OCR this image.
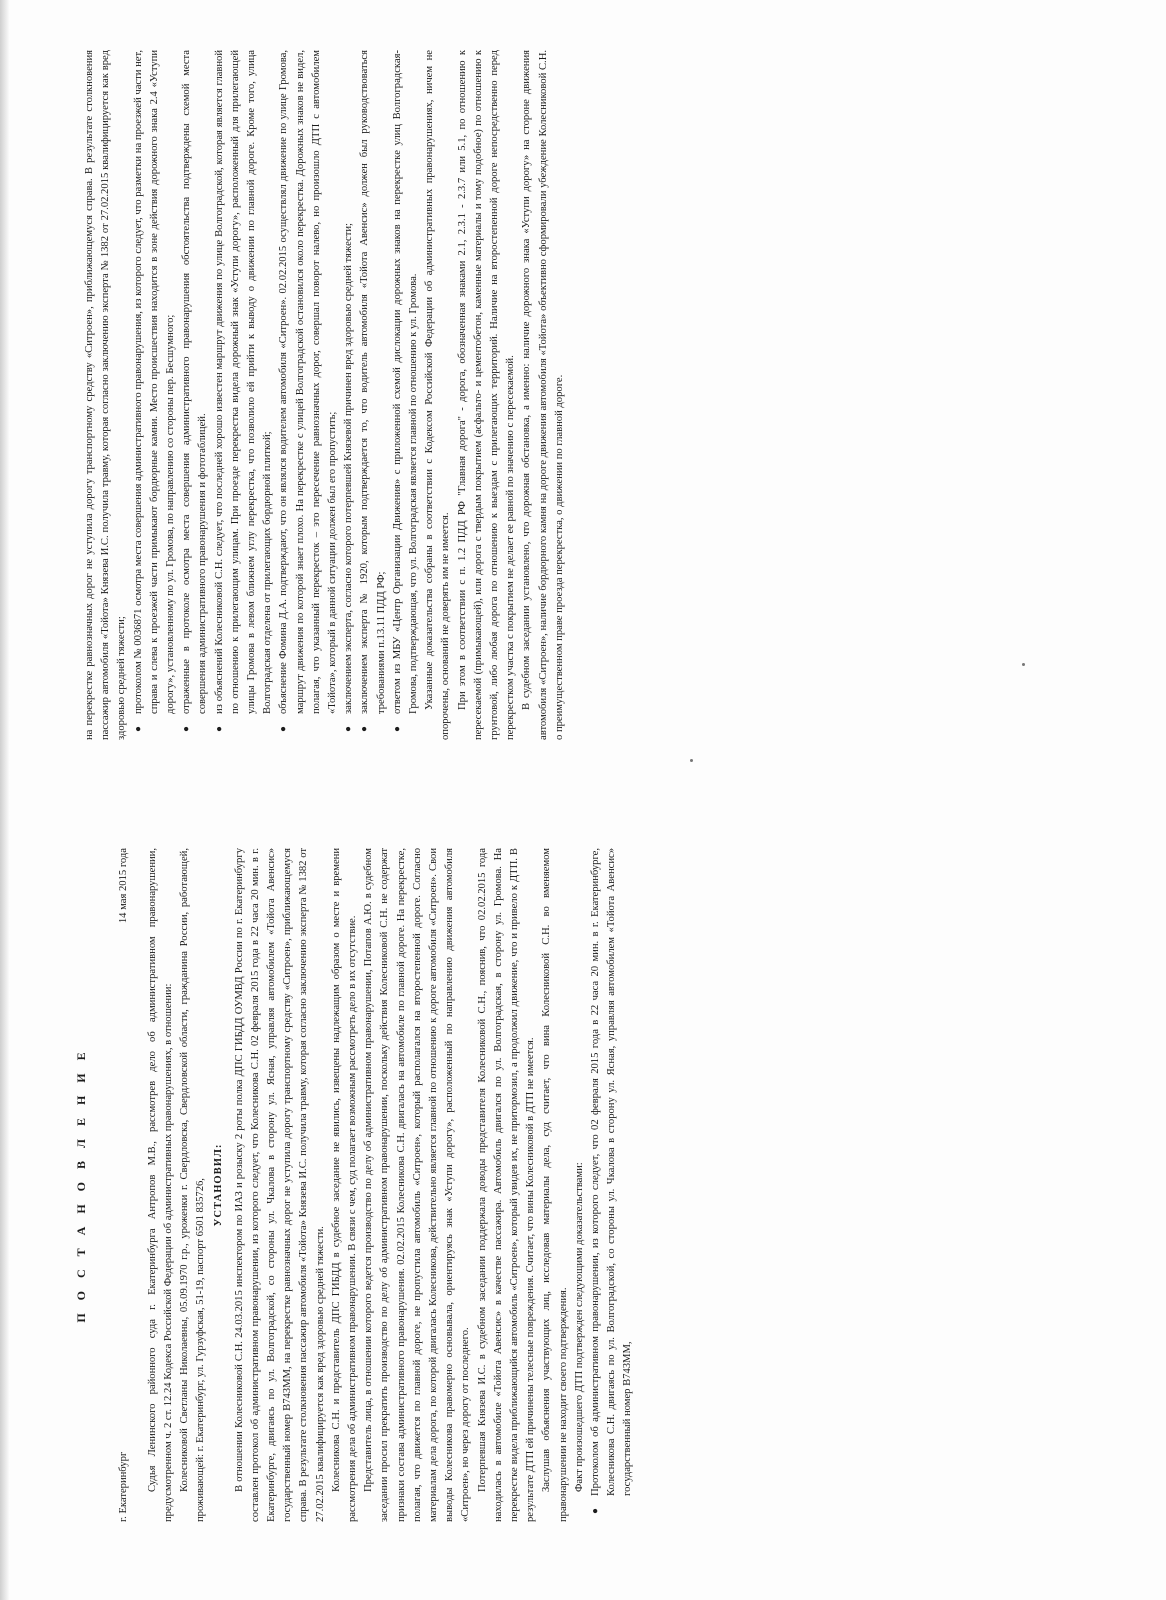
П О С Т А Н О В Л Е Н И Е
г. Екатеринбург
14 мая 2015 года	Судья Ленинского районного суда г. Екатеринбурга Антропов М.В., рассмотрев дело об административном правонарушении, предусмотренном ч. 2 ст. 12.24 Кодекса Российской Федерации об административных правонарушениях, в отношении: Колесниковой Светланы Николаевны, 05.09.1970 г.р., уроженки г. Свердловска, Свердловской области, гражданина России, работающей, проживающей: г. Екатеринбург, ул. Гурзуфская, 51-19, паспорт 6501 835726, УСТАНОВИЛ: В отношении Колесниковой С.Н. 24.03.2015 инспектором по ИАЗ и розыску 2 роты полка ДПС ГИБДД ОУМВД России по г. Екатеринбургу составлен протокол об административном правонарушении, из которого следует, что Колесникова С.Н. 02 февраля 2015 года в 22 часа 20 мин. в г. Екатеринбурге, двигаясь по ул. Волгоградской, со стороны ул. Чкалова в сторону ул. Ясная, управляя автомобилем «Тойота Авенсис» государственный номер В743ММ, на перекрестке равнозначных дорог не уступила дорогу транспортному средству «Ситроен», приближающемуся справа. В результате столкновения пассажир автомобиля «Тойота» Князева И.С. получила травму, которая согласно заключению эксперта № 1382 от 27.02.2015 квалифицируется как вред здоровью средней тяжести. Колесникова С.Н. и представитель ДПС ГИБДД в судебное заседание не явились, извещены надлежащим образом о месте и времени рассмотрения дела об административном правонарушении. В связи с чем, суд полагает возможным рассмотреть дело в их отсутствие. Представитель лица, в отношении которого ведется производство по делу об административном правонарушении, Потапов А.Ю. в судебном заседании просил прекратить производство по делу об административном правонарушении, поскольку действия Колесниковой С.Н. не содержат признаки состава административного правонарушения. 02.02.2015 Колесникова С.Н. двигалась на автомобиле по главной дороге. На перекрестке, полагая, что движется по главной дороге, не пропустила автомобиль «Ситроен», который располагался на второстепенной дороге. Согласно материалам дела дорога, по которой двигалась Колесникова, действительно является главной по отношению к дороге автомобиля «Ситроен». Свои выводы Колесникова правомерно основывала, ориентируясь знак «Уступи дорогу», расположенный по направлению движения автомобиля «Ситроен», но через дорогу от последнего. Потерпевшая Князева И.С. в судебном заседании поддержала доводы представителя Колесниковой С.Н., пояснив, что 02.02.2015 года находилась в автомобиле «Тойота Авенсис» в качестве пассажира. Автомобиль двигался по ул. Волгоградская, в сторону ул. Громова. На перекрестке видела приближающийся автомобиль «Ситроен», который увидев их, не притормозил, а продолжил движение, что и привело к ДТП. В результате ДТП ей причинены телесные повреждения. Считает, что вины Колесниковой в ДТП не имеется. Заслушав объяснения участвующих лиц, исследовав материалы дела, суд считает, что вина Колесниковой С.Н. во вменяемом правонарушении не находит своего подтверждения. Факт произошедшего ДТП подтвержден следующими доказательствами:

●

Протоколом об административном правонарушении, из которого следует, что 02 февраля 2015 года в 22 часа 20 мин. в г. Екатеринбурге, Колесникова С.Н. двигаясь по ул. Волгоградской, со стороны ул. Чкалова в сторону ул. Ясная, управляя автомобилем «Тойота Авенсис» государственный номер В743ММ,

на перекрестке равнозначных дорог не уступила дорогу транспортному средству «Ситроен», приближающемуся справа. В результате столкновения пассажир автомобиля «Тойота» Князева И.С. получила травму, которая согласно заключению эксперта № 1382 от 27.02.2015 квалифицируется как вред здоровью средней тяжести; ●

протоколом № 0036871 осмотра места совершения административного правонарушения, из которого следует, что разметки на проезжей части нет, справа и слева к проезжей части примыкают бордюрные камни. Место происшествия находится в зоне действия дорожного знака 2.4 «Уступи дорогу», установленному по ул. Громова, по направлению со стороны пер. Бесшумного;

●

отраженные в протоколе осмотра места совершения административного правонарушения обстоятельства подтверждены схемой места совершения административного правонарушения и фототаблицей.

●

из объяснений Колесниковой С.Н. следует, что последней хорошо известен маршрут движения по улице Волгоградской, которая является главной по отношению к прилегающим улицам. При проезде перекрестка видела дорожный знак «Уступи дорогу», расположенный для прилегающей улицы Громова в левом ближнем углу перекрестка, что позволило ей прийти к выводу о движении по главной дороге. Кроме того, улица Волгоградская отделена от прилегающих бордюрной плиткой;

●

объяснение Фомина Д.А. подтверждают, что он являлся водителем автомобиля «Ситроен». 02.02.2015 осуществлял движение по улице Громова, маршрут движения по которой знает плохо. На перекрестке с улицей Волгоградской остановился около перекрестка. Дорожных знаков не видел, полагая, что указанный перекресток – это пересечение равнозначных дорог, совершал поворот налево, но произошло ДТП с автомобилем «Тойота», который в данной ситуации должен был его пропустить;

●

заключением эксперта, согласно которого потерпевшей Князевой причинен вред здоровью средней тяжести;

●

заключением эксперта № 1920, которым подтверждается то, что водитель автомобиля «Тойота Авенсис» должен был руководствоваться требованиями п.13.11 ПДД РФ;

●

ответом из МБУ «Центр Организации Движения» с приложенной схемой дислокации дорожных знаков на перекрестке улиц Волгоградская-Громова, подтверждающая, что ул. Волгоградская является главной по отношению к ул. Громова. Указанные доказательства собраны в соответствии с Кодексом Российской Федерации об административных правонарушениях, ничем не опорочены, оснований не доверять им не имеется. При этом в соответствии с п. 1.2 ПДД РФ "Главная дорога" - дорога, обозначенная знаками 2.1, 2.3.1 - 2.3.7 или 5.1, по отношению к пересекаемой (примыкающей), или дорога с твердым покрытием (асфальто- и цементобетон, каменные материалы и тому подобное) по отношению к грунтовой, либо любая дорога по отношению к выездам с прилегающих территорий. Наличие на второстепенной дороге непосредственно перед перекрестком участка с покрытием не делает ее равной по значению с пересекаемой. В судебном заседании установлено, что дорожная обстановка, а именно: наличие дорожного знака «Уступи дорогу» на стороне движения автомобиля «Ситроен», наличие бордюрного камня на дороге движения автомобиля «Тойота» объективно сформировали убеждение Колесниковой С.Н. о преимущественном праве проезда перекрестка, о движении по главной дороге.
